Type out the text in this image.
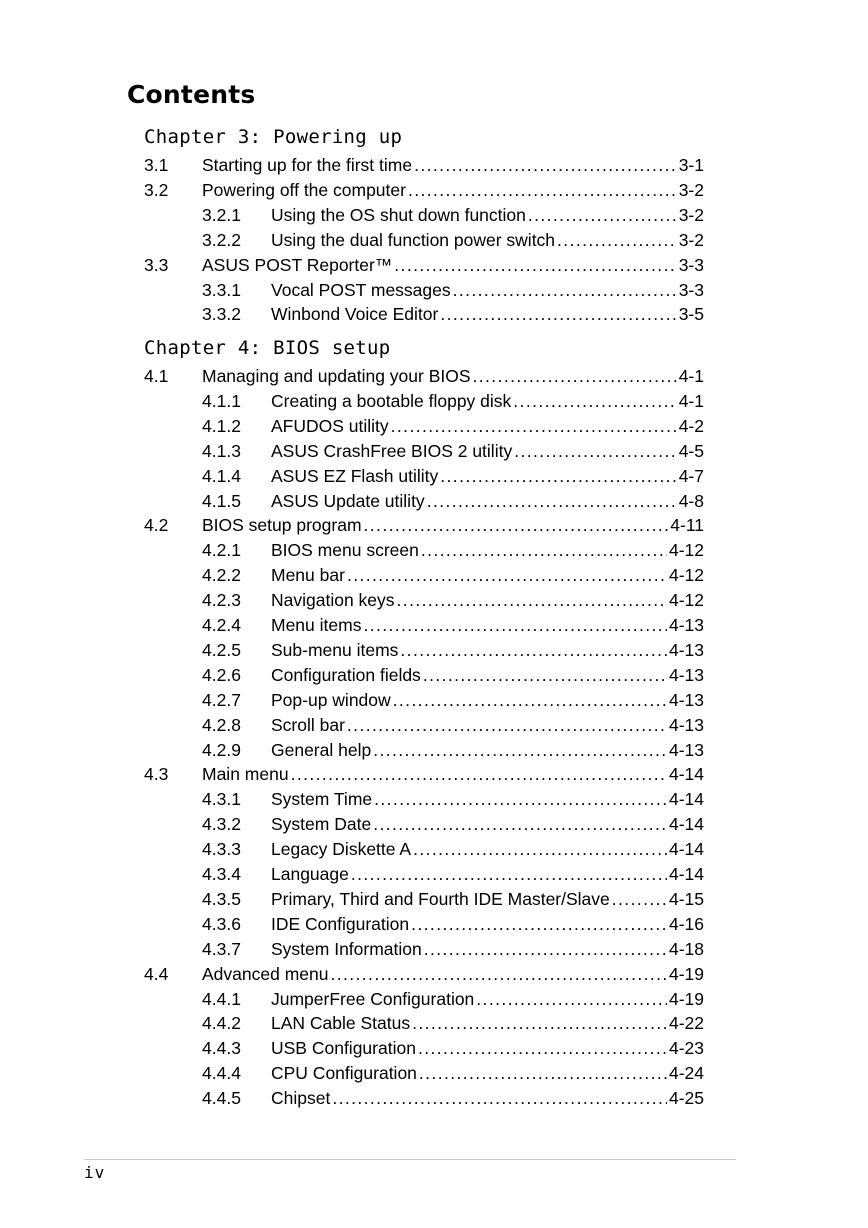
Contents
Chapter 3: Powering up
Chapter 4: BIOS setup
3.1 Starting up for the first time .....	3-1
3.2 Powering off the computer .....	3-2
3.2.1 Using the OS shut down function .....	3-2
3.2.2 Using the dual function power switch .....	3-2
3.3 ASUS POST Reporter™ .....	3-3
3.3.1 Vocal POST messages .....	3-3
3.3.2 Winbond Voice Editor .....	3-5
4.1 Managing and updating your BIOS .....	4-1
4.1.1 Creating a bootable floppy disk .....	4-1
4.1.2 AFUDOS utility .....	4-2
4.1.3 ASUS CrashFree BIOS 2 utility .....	4-5
4.1.4 ASUS EZ Flash utility .....	4-7
4.1.5 ASUS Update utility .....	4-8
4.2 BIOS setup program .....	4-11
4.2.1 BIOS menu screen .....	4-12
4.2.2 Menu bar .....	4-12
4.2.3 Navigation keys .....	4-12
4.2.4 Menu items .....	4-13
4.2.5 Sub-menu items .....	4-13
4.2.6 Configuration fields .....	4-13
4.2.7 Pop-up window .....	4-13
4.2.8 Scroll bar .....	4-13
4.2.9 General help .....	4-13
4.3 Main menu .....	4-14
4.3.1 System Time .....	4-14
4.3.2 System Date .....	4-14
4.3.3 Legacy Diskette A .....	4-14
4.3.4 Language .....	4-14
4.3.5 Primary, Third and Fourth IDE Master/Slave .....	4-15
4.3.6 IDE Configuration .....	4-16
4.3.7 System Information .....	4-18
4.4 Advanced menu .....	4-19
4.4.1 JumperFree Configuration .....	4-19
4.4.2 LAN Cable Status .....	4-22
4.4.3 USB Configuration .....	4-23
4.4.4 CPU Configuration .....	4-24
4.4.5 Chipset .....	4-25
iv
